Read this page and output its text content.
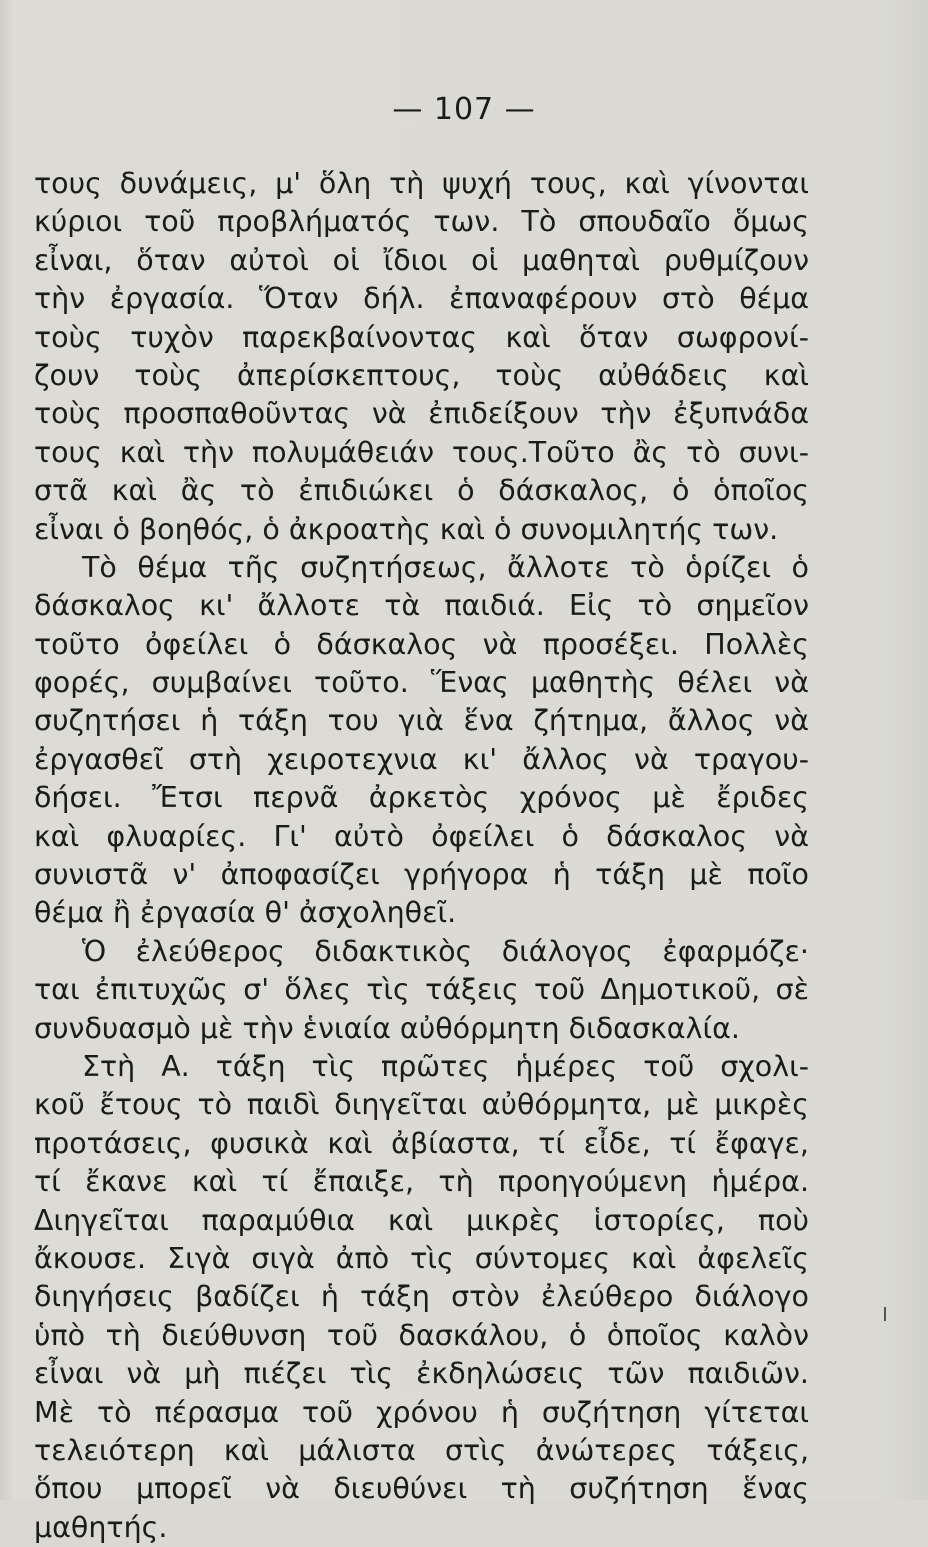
— 107 —
τους δυνάμεις, μ' ὅλη τὴ ψυχή τους, καὶ γίνονται
κύριοι τοῦ προβλήματός των. Τὸ σπουδαῖο ὅμως
εἶναι, ὅταν αὐτοὶ οἱ ἴδιοι οἱ μαθηταὶ ρυθμίζουν
τὴν ἐργασία. Ὅταν δήλ. ἐπαναφέρουν στὸ θέμα
τοὺς τυχὸν παρεκβαίνοντας καὶ ὅταν σωφρονί-
ζουν τοὺς ἀπερίσκεπτους, τοὺς αὐθάδεις καὶ
τοὺς προσπαθοῦντας νὰ ἐπιδείξουν τὴν ἐξυπνάδα
τους καὶ τὴν πολυμάθειάν τους.Τοῦτο ἂς τὸ συνι-
στᾶ καὶ ἂς τὸ ἐπιδιώκει ὁ δάσκαλος, ὁ ὁποῖος
εἶναι ὁ βοηθός, ὁ ἀκροατὴς καὶ ὁ συνομιλητής των.
Τὸ θέμα τῆς συζητήσεως, ἄλλοτε τὸ ὁρίζει ὁ
δάσκαλος κι' ἄλλοτε τὰ παιδιά. Εἰς τὸ σημεῖον
τοῦτο ὀφείλει ὁ δάσκαλος νὰ προσέξει. Πολλὲς
φορές, συμβαίνει τοῦτο. Ἕνας μαθητὴς θέλει νὰ
συζητήσει ἡ τάξη του γιὰ ἕνα ζήτημα, ἄλλος νὰ
ἐργασθεῖ στὴ χειροτεχνια κι' ἄλλος νὰ τραγου-
δήσει. Ἔτσι περνᾶ ἀρκετὸς χρόνος μὲ ἔριδες
καὶ φλυαρίες. Γι' αὐτὸ ὀφείλει ὁ δάσκαλος νὰ
συνιστᾶ ν' ἀποφασίζει γρήγορα ἡ τάξη μὲ ποῖο
θέμα ἢ ἐργασία θ' ἀσχοληθεῖ.
Ὁ ἐλεύθερος διδακτικὸς διάλογος ἐφαρμόζε·
ται ἐπιτυχῶς σ' ὅλες τὶς τάξεις τοῦ Δημοτικοῦ, σὲ
συνδυασμὸ μὲ τὴν ἑνιαία αὐθόρμητη διδασκαλία.
Στὴ Α. τάξη τὶς πρῶτες ἡμέρες τοῦ σχολι-
κοῦ ἔτους τὸ παιδὶ διηγεῖται αὐθόρμητα, μὲ μικρὲς
προτάσεις, φυσικὰ καὶ ἀβίαστα, τί εἶδε, τί ἔφαγε,
τί ἔκανε καὶ τί ἔπαιξε, τὴ προηγούμενη ἡμέρα.
Διηγεῖται παραμύθια καὶ μικρὲς ἱστορίες, ποὺ
ἄκουσε. Σιγὰ σιγὰ ἀπὸ τὶς σύντομες καὶ ἀφελεῖς
διηγήσεις βαδίζει ἡ τάξη στὸν ἐλεύθερο διάλογο
ὑπὸ τὴ διεύθυνση τοῦ δασκάλου, ὁ ὁποῖος καλὸν
εἶναι νὰ μὴ πιέζει τὶς ἐκδηλώσεις τῶν παιδιῶν.
Μὲ τὸ πέρασμα τοῦ χρόνου ἡ συζήτηση γίτεται
τελειότερη καὶ μάλιστα στὶς ἀνώτερες τάξεις,
ὅπου μπορεῖ νὰ διευθύνει τὴ συζήτηση ἕνας
μαθητής.
